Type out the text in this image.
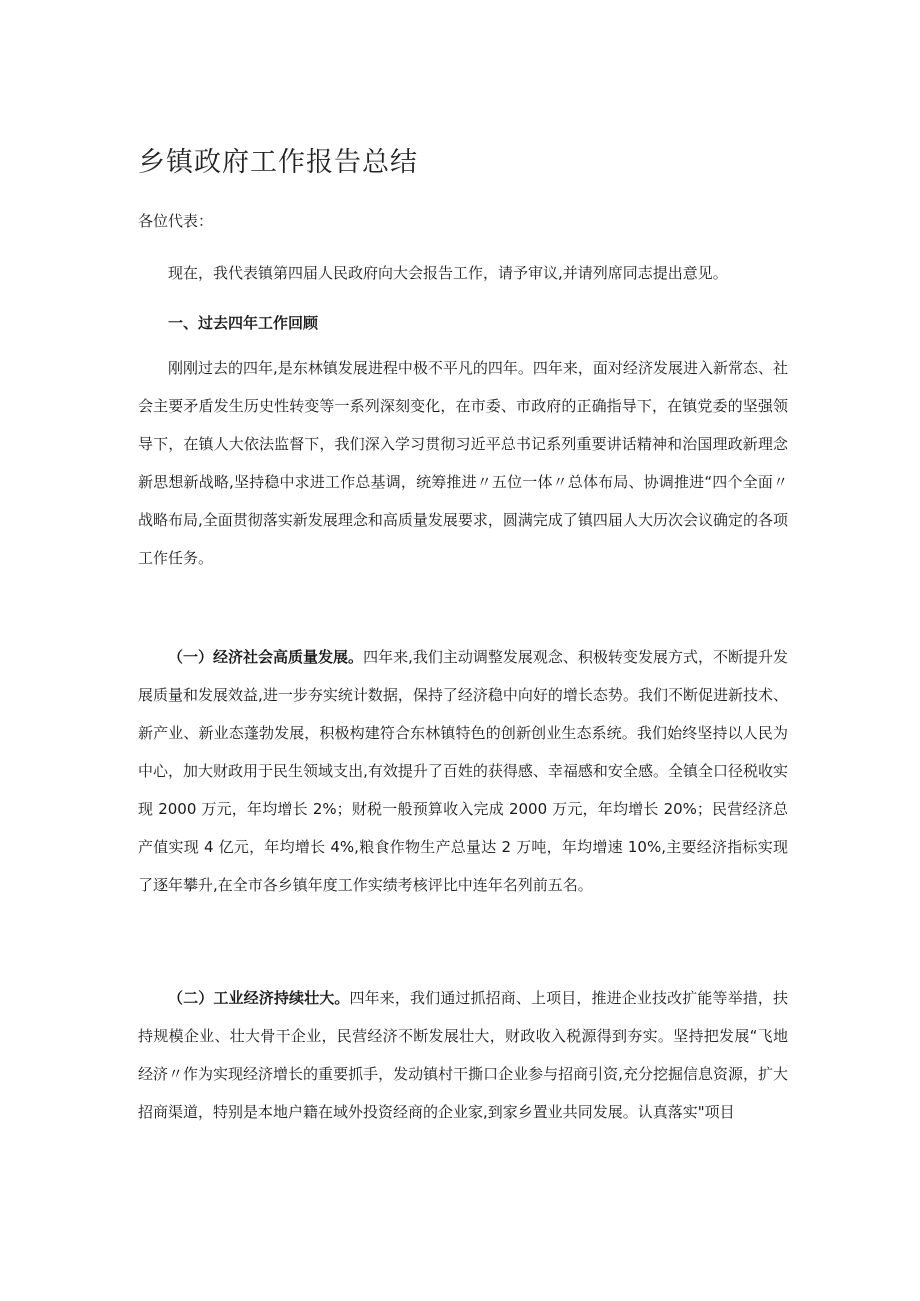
乡镇政府工作报告总结

各位代表：

现在，我代表镇第四届人民政府向大会报告工作，请予审议,并请列席同志提出意见。

一、过去四年工作回顾

刚刚过去的四年,是东林镇发展进程中极不平凡的四年。四年来，面对经济发展进入新常态、社会主要矛盾发生历史性转变等一系列深刻变化，在市委、市政府的正确指导下，在镇党委的坚强领导下，在镇人大依法监督下，我们深入学习贯彻习近平总书记系列重要讲话精神和治国理政新理念新思想新战略,坚持稳中求进工作总基调，统筹推进〃五位一体〃总体布局、协调推进“四个全面〃战略布局,全面贯彻落实新发展理念和高质量发展要求，圆满完成了镇四届人大历次会议确定的各项工作任务。

（一）经济社会高质量发展。四年来,我们主动调整发展观念、积极转变发展方式，不断提升发展质量和发展效益,进一步夯实统计数据，保持了经济稳中向好的增长态势。我们不断促进新技术、新产业、新业态蓬勃发展，积极构建符合东林镇特色的创新创业生态系统。我们始终坚持以人民为中心，加大财政用于民生领域支出,有效提升了百姓的获得感、幸福感和安全感。全镇全口径税收实现 2000 万元，年均增长 2%；财税一般预算收入完成 2000 万元，年均增长 20%；民营经济总产值实现 4 亿元，年均增长 4%,粮食作物生产总量达 2 万吨，年均增速 10%,主要经济指标实现了逐年攀升,在全市各乡镇年度工作实绩考核评比中连年名列前五名。

（二）工业经济持续壮大。四年来，我们通过抓招商、上项目，推进企业技改扩能等举措，扶持规模企业、壮大骨干企业，民营经济不断发展壮大，财政收入税源得到夯实。坚持把发展“飞地经济〃作为实现经济增长的重要抓手，发动镇村干撕口企业参与招商引资,充分挖掘信息资源，扩大招商渠道，特别是本地户籍在域外投资经商的企业家,到家乡置业共同发展。认真落实"项目
